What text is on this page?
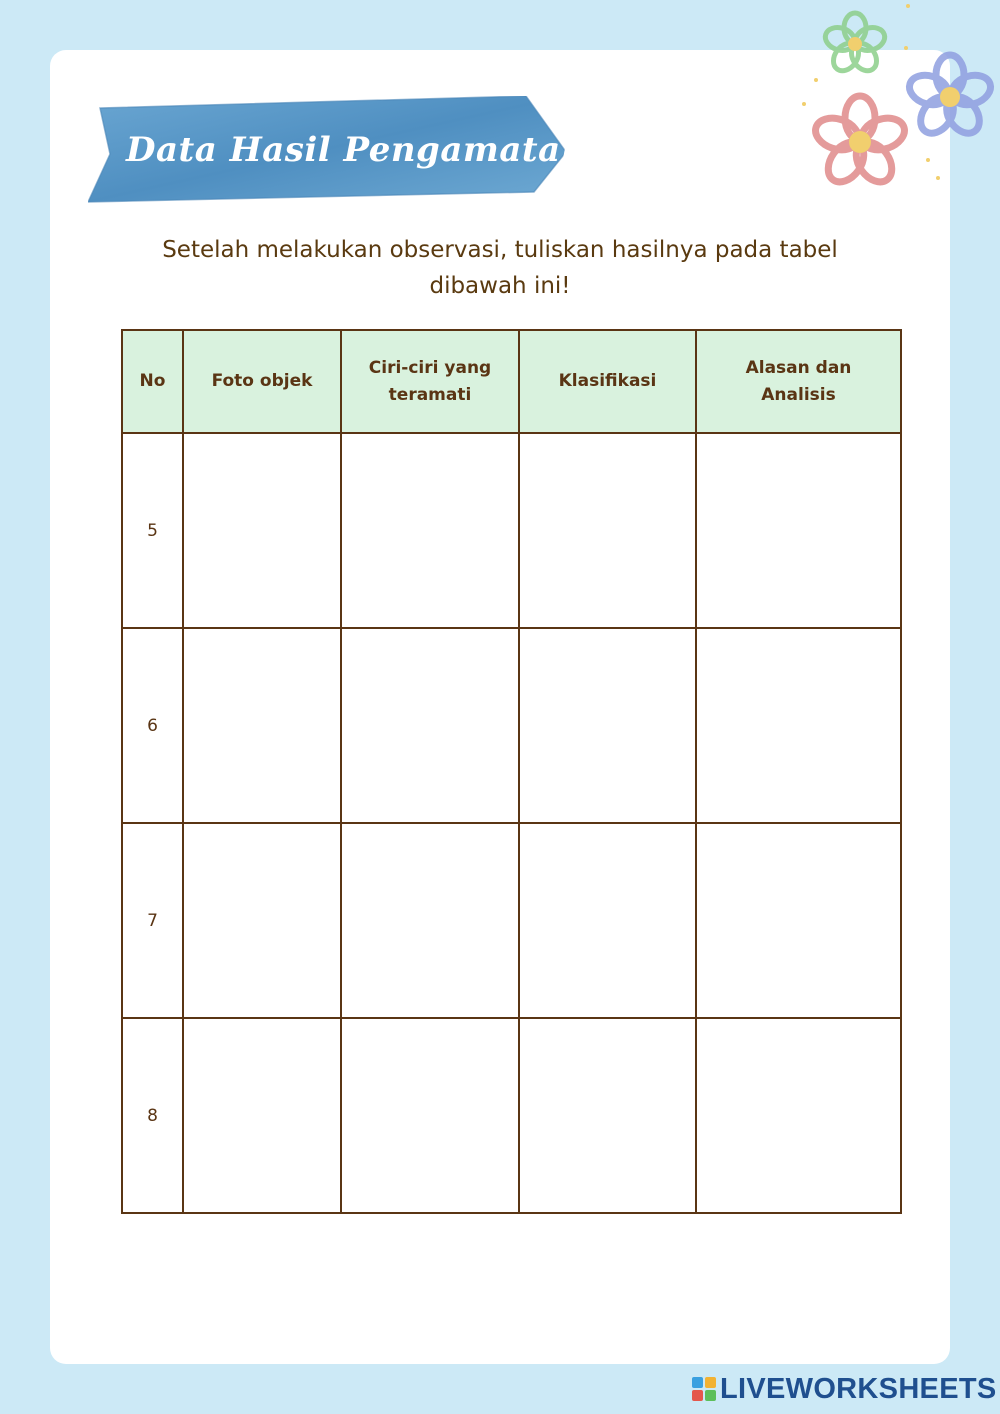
Data Hasil Pengamatan
Setelah melakukan observasi, tuliskan hasilnya pada tabel dibawah ini!
No	Foto objek	Ciri-ciri yang teramati	Klasifikasi	Alasan dan Analisis

5				
6				
7				
8				
LIVEWORKSHEETS
